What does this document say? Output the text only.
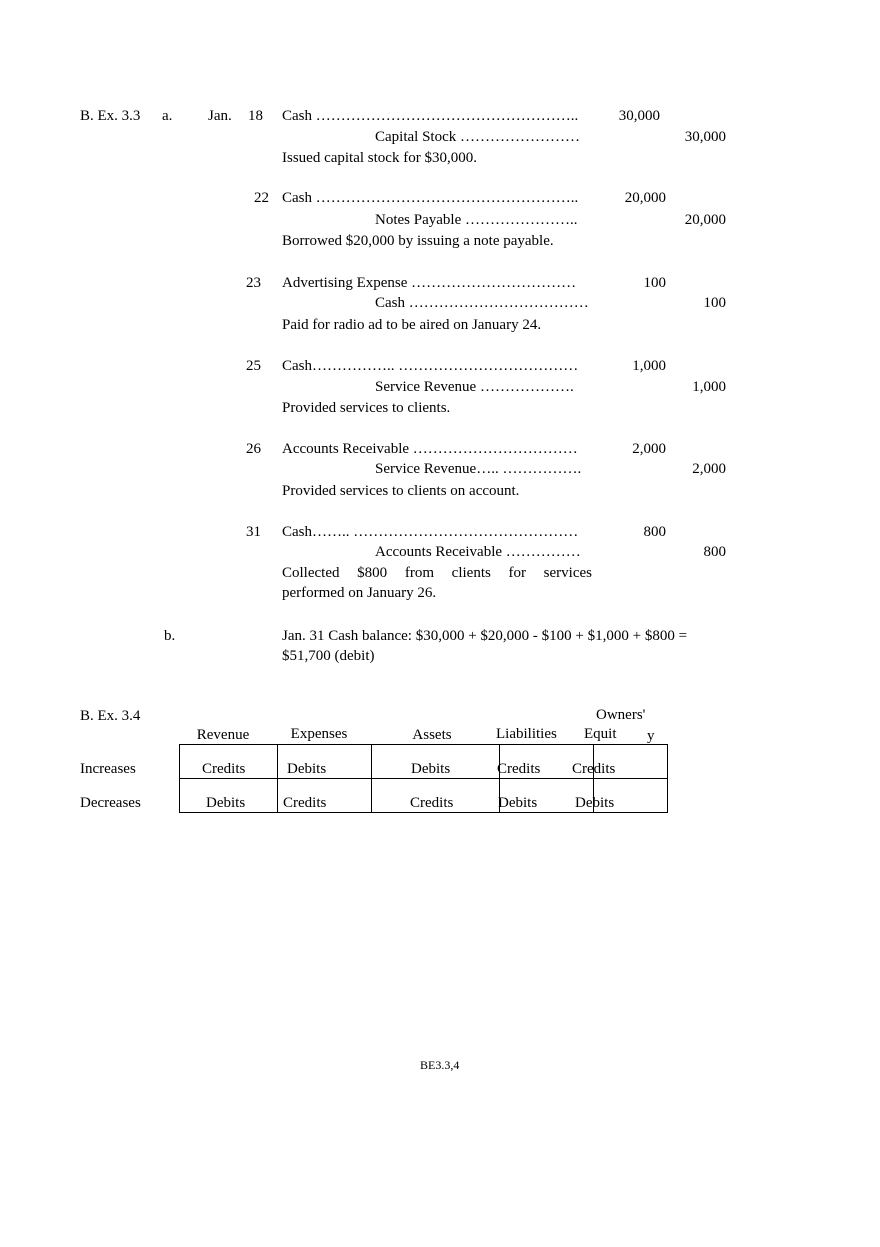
B. Ex. 3.3 a. Jan.	18 Cash ……………………………………………..	30,000
Capital Stock ……………………	30,000
Issued capital stock for $30,000.
22 Cash ……………………………………………..	20,000
Notes Payable …………………..	20,000
Borrowed $20,000 by issuing a note payable.
23 Advertising Expense ……………………………	100
Cash ………………………………	100
Paid for radio ad to be aired on January 24.
25 Cash…………….. ………………………………	1,000
Service Revenue ……………….	1,000
Provided services to clients.
26 Accounts Receivable ……………………………	2,000
Service Revenue….. …………….	2,000
Provided services to clients on account.
31 Cash…….. ………………………………………	800
Accounts Receivable ……………	800
Collected $800 from clients for services
performed on January 26.
b.	Jan. 31 Cash balance: $30,000 + $20,000 - $100 + $1,000 + $800 =
$51,700 (debit)
B. Ex. 3.4
Revenue	Expenses	Assets	Liabilities
Owners'
Equit y
Increases	Credits	Debits	Debits	Credits Credits
Decreases	Debits	Credits	Credits	Debits	Debits
BE3.3,4
